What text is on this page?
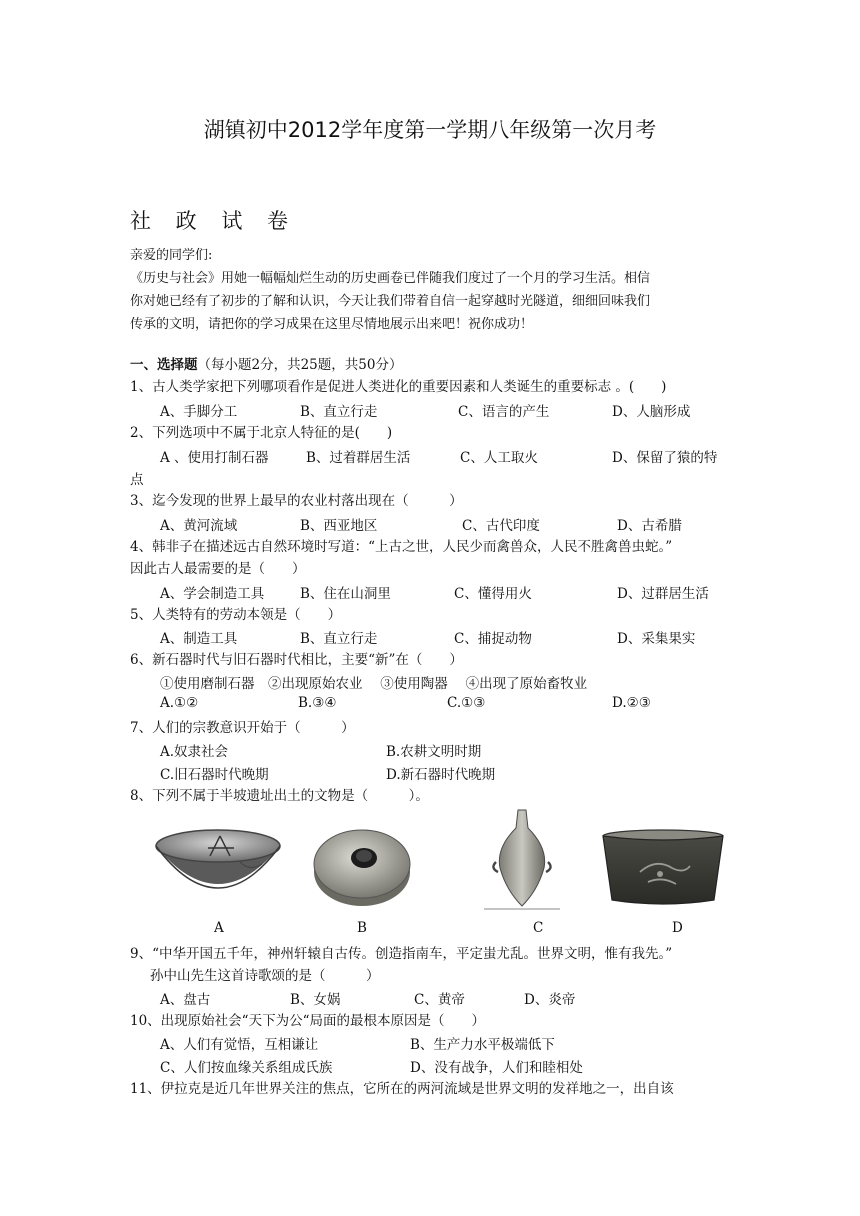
湖镇初中2012学年度第一学期八年级第一次月考
社 政 试 卷
亲爱的同学们:
《历史与社会》用她一幅幅灿烂生动的历史画卷已伴随我们度过了一个月的学习生活。相信
你对她已经有了初步的了解和认识，今天让我们带着自信一起穿越时光隧道，细细回味我们
传承的文明，请把你的学习成果在这里尽情地展示出来吧！祝你成功！
一、选择题（每小题2分，共25题，共50分）
1、古人类学家把下列哪项看作是促进人类进化的重要因素和人类诞生的重要标志 。(　　)
A、手脚分工	B、直立行走	C、语言的产生	D、人脑形成
2、下列选项中不属于北京人特征的是(　　)
A 、使用打制石器	B、过着群居生活	C、人工取火	D、保留了猿的特
点
3、迄今发现的世界上最早的农业村落出现在（　　　）
A、黄河流域	B、西亚地区	C、古代印度	D、古希腊
4、韩非子在描述远古自然环境时写道：“上古之世，人民少而禽兽众，人民不胜禽兽虫蛇。”
因此古人最需要的是（　　）
A、学会制造工具	B、住在山洞里	C、懂得用火	D、过群居生活
5、人类特有的劳动本领是（　　）
A、制造工具	B、直立行走	C、捕捉动物	D、采集果实
6、新石器时代与旧石器时代相比，主要“新”在（　　）
①使用磨制石器　②出现原始农业　 ③使用陶器　 ④出现了原始畜牧业
A.①②	B.③④	C.①③	D.②③
7、人们的宗教意识开始于（　　　）
A.奴隶社会	B.农耕文明时期
C.旧石器时代晚期	D.新石器时代晚期
8、下列不属于半坡遗址出土的文物是（　　　）。
A	B	C	D
9、“中华开国五千年，神州轩辕自古传。创造指南车，平定蚩尤乱。世界文明，惟有我先。”
孙中山先生这首诗歌颂的是（　　　）
A、盘古	B、女娲	C、黄帝	D、炎帝
10、出现原始社会“天下为公“局面的最根本原因是（　　）
A、人们有觉悟，互相谦让	B、生产力水平极端低下
C、人们按血缘关系组成氏族	D、没有战争，人们和睦相处
11、伊拉克是近几年世界关注的焦点，它所在的两河流域是世界文明的发祥地之一，出自该
